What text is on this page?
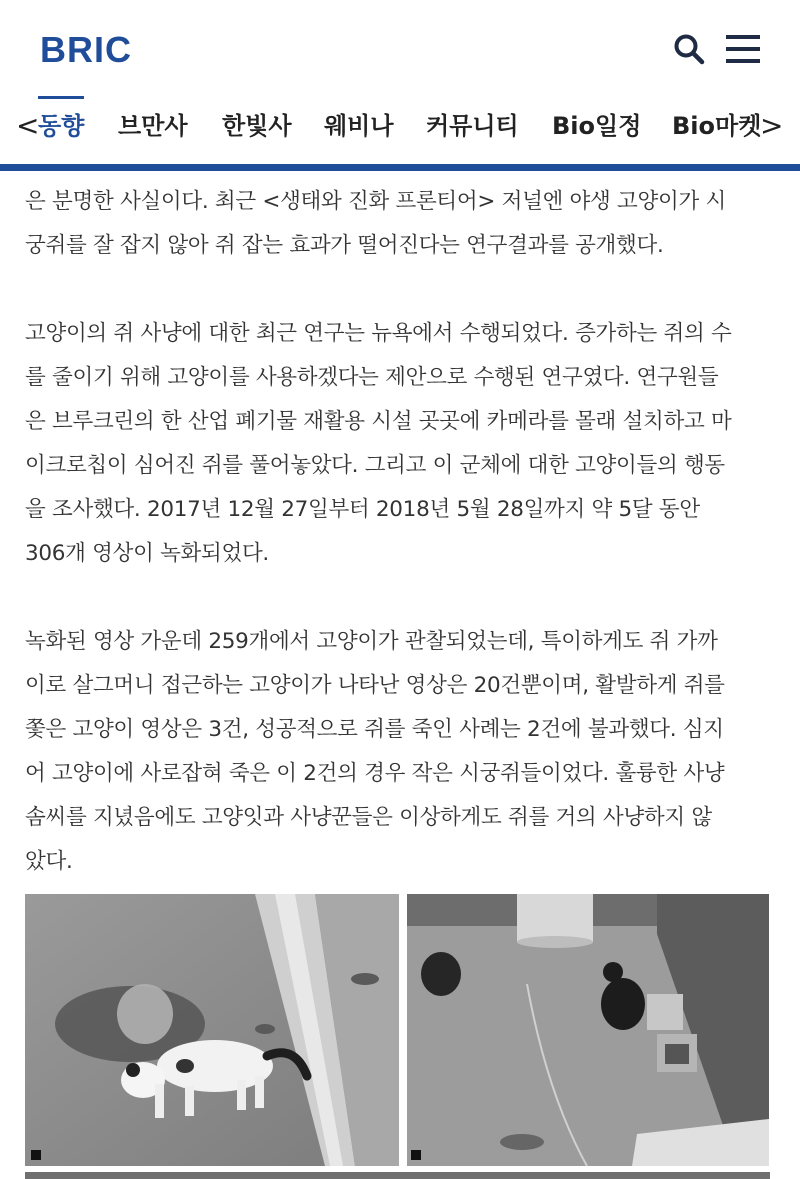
BRIC
<
동향 브만사 한빛사 웨비나 커뮤니티 Bio일정 Bio마켓
>

은 분명한 사실이다. 최근 <생태와 진화 프론티어> 저널엔 야생 고양이가 시
궁쥐를 잘 잡지 않아 쥐 잡는 효과가 떨어진다는 연구결과를 공개했다.

고양이의 쥐 사냥에 대한 최근 연구는 뉴욕에서 수행되었다. 증가하는 쥐의 수
를 줄이기 위해 고양이를 사용하겠다는 제안으로 수행된 연구였다. 연구원들
은 브루크린의 한 산업 폐기물 재활용 시설 곳곳에 카메라를 몰래 설치하고 마
이크로칩이 심어진 쥐를 풀어놓았다. 그리고 이 군체에 대한 고양이들의 행동
을 조사했다. 2017년 12월 27일부터 2018년 5월 28일까지 약 5달 동안
306개 영상이 녹화되었다.

녹화된 영상 가운데 259개에서 고양이가 관찰되었는데, 특이하게도 쥐 가까
이로 살그머니 접근하는 고양이가 나타난 영상은 20건뿐이며, 활발하게 쥐를
쫓은 고양이 영상은 3건, 성공적으로 쥐를 죽인 사례는 2건에 불과했다. 심지
어 고양이에 사로잡혀 죽은 이 2건의 경우 작은 시궁쥐들이었다. 훌륭한 사냥
솜씨를 지녔음에도 고양잇과 사냥꾼들은 이상하게도 쥐를 거의 사냥하지 않
았다.
